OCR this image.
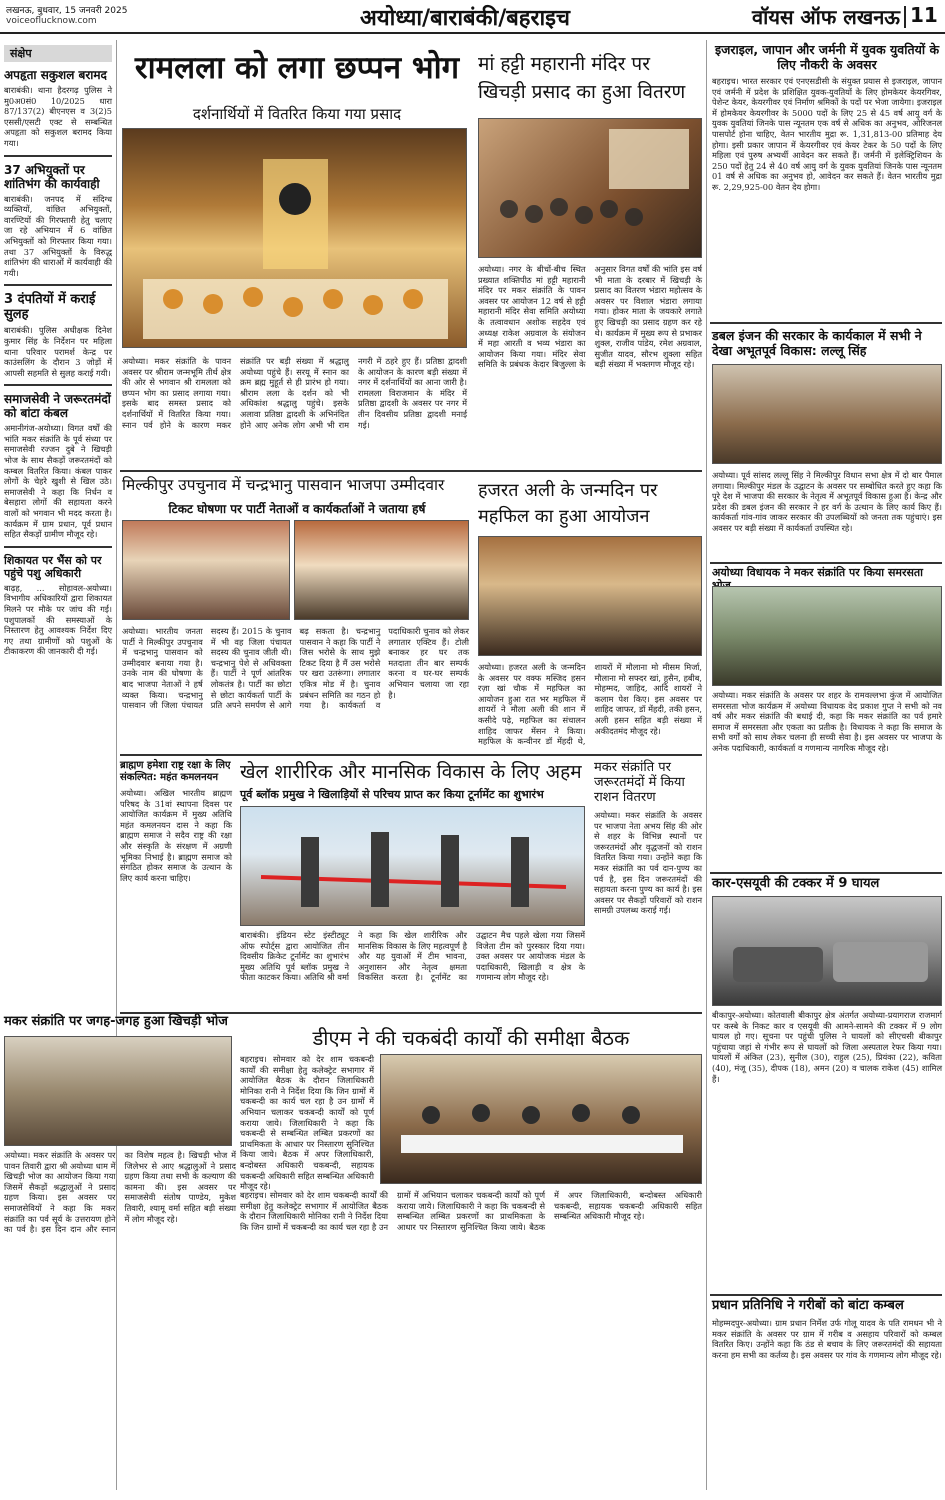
लखनऊ, बुधवार, 15 जनवरी 2025
voiceoflucknow.com	अयोध्या/बाराबंकी/बहराइच	वॉयस ऑफ लखनऊ 11
संक्षेप
अपहृता सकुशल बरामद
बाराबंकी। थाना हैदरगढ़ पुलिस ने मु0अ0सं0 10/2025 धारा 87/137(2) बीएनएस व 3(2)5 एससी/एसटी एक्ट से सम्बन्धित अपहृता को सकुशल बरामद किया गया।
37 अभियुक्तों पर शांतिभंग की कार्यवाही
बाराबंकी। जनपद में संदिग्ध व्यक्तियों, वांछित अभियुक्तों, वारण्टियों की गिरफ्तारी हेतु चलाए जा रहे अभियान में 6 वांछित अभियुक्तों को गिरफ्तार किया गया। तथा 37 अभियुक्तों के विरुद्ध शांतिभंग की धाराओं में कार्यवाही की गयी।
3 दंपतियों में कराई सुलह
बाराबंकी। पुलिस अधीक्षक दिनेश कुमार सिंह के निर्देशन पर महिला थाना परिवार परामर्श केन्द्र पर काउंसलिंग के दौरान 3 जोड़ों में आपसी सहमति से सुलह कराई गयी।
समाजसेवी ने जरूरतमंदों को बांटा कंबल
अमानीगंज-अयोध्या। विगत वर्षों की भांति मकर संक्रांति के पूर्व संध्या पर समाजसेवी रज्जन दुबे ने खिचड़ी भोज के साथ सैकड़ों जरूरतमंदों को कम्बल वितरित किया। कंबल पाकर लोगों के चेहरे खुशी से खिल उठे। समाजसेवी ने कहा कि निर्धन व बेसहारा लोगों की सहायता करने वालों को भगवान भी मदद करता है। कार्यक्रम में ग्राम प्रधान, पूर्व प्रधान सहित सैकड़ों ग्रामीण मौजूद रहे।
शिकायत पर भैंस को पर पहुंचे पशु अधिकारी
बाढ़ह, ... सोहावल-अयोध्या। विभागीय अधिकारियों द्वारा शिकायत मिलने पर मौके पर जांच की गई। पशुपालकों की समस्याओं के निस्तारण हेतु आवश्यक निर्देश दिए गए तथा ग्रामीणों को पशुओं के टीकाकरण की जानकारी दी गई।
रामलला को लगा छप्पन भोग
दर्शनार्थियों में वितरित किया गया प्रसाद
अयोध्या। मकर संक्रांति के पावन अवसर पर श्रीराम जन्मभूमि तीर्थ क्षेत्र की ओर से भगवान श्री रामलला को छप्पन भोग का प्रसाद लगाया गया। इसके बाद समस्त प्रसाद को दर्शनार्थियों में वितरित किया गया। स्नान पर्व होने के कारण मकर संक्रांति पर बड़ी संख्या में श्रद्धालु अयोध्या पहुंचे हैं। सरयू में स्नान का क्रम ब्रह्म मुहूर्त से ही प्रारंभ हो गया। श्रीराम लला के दर्शन को भी अधिकांश श्रद्धालु पहुंचे। इसके अलावा प्रतिष्ठा द्वादशी के अभिनंदित होने आए अनेक लोग अभी भी राम नगरी में ठहरे हुए हैं। प्रतिष्ठा द्वादशी के आयोजन के कारण बड़ी संख्या में नगर में दर्शनार्थियों का आना जारी है। रामलला विराजमान के मंदिर में प्रतिष्ठा द्वादशी के अवसर पर नगर में तीन दिवसीय प्रतिष्ठा द्वादशी मनाई गई।
मां हट्टी महारानी मंदिर पर खिचड़ी प्रसाद का हुआ वितरण
अयोध्या। नगर के बीचों-बीच स्थित प्रख्यात शक्तिपीठ मां हट्टी महारानी मंदिर पर मकर संक्रांति के पावन अवसर पर आयोजन 12 वर्ष से हट्टी महारानी मंदिर सेवा समिति अयोध्या के तत्वावधान अशोक सहदेव एवं अध्यक्ष राकेश अग्रवाल के संयोजन में महा आरती व भव्य भंडारा का आयोजन किया गया। मंदिर सेवा समिति के प्रबंधक केदार बिजुल्ला के अनुसार विगत वर्षों की भांति इस वर्ष भी माता के दरबार में खिचड़ी के प्रसाद का वितरण भंडारा महोत्सव के अवसर पर विशाल भंडारा लगाया गया। होकर माता के जयकारे लगाते हुए खिचड़ी का प्रसाद ग्रहण कर रहे थे। कार्यक्रम में मुख्य रूप से प्रभाकर शुक्ल, राजीव पांडेय, रमेश अग्रवाल, सुजीत यादव, सौरभ शुक्ला सहित बड़ी संख्या में भक्तगण मौजूद रहे।
मिल्कीपुर उपचुनाव में चन्द्रभानु पासवान भाजपा उम्मीदवार
टिकट घोषणा पर पार्टी नेताओं व कार्यकर्ताओं ने जताया हर्ष
अयोध्या। भारतीय जनता पार्टी ने मिल्कीपुर उपचुनाव में चन्द्रभानु पासवान को उम्मीदवार बनाया गया है। उनके नाम की घोषणा के बाद भाजपा नेताओं ने हर्ष व्यक्त किया। चन्द्रभानु पासवान जी जिला पंचायत सदस्य हैं। 2015 के चुनाव में भी वह जिला पंचायत सदस्य की चुनाव जीती थी। चन्द्रभानु पेशे से अधिवक्ता हैं। पार्टी ने पूर्ण आंतरिक लोकतंत्र है। पार्टी का छोटा से छोटा कार्यकर्ता पार्टी के प्रति अपने समर्पण से आगे बढ़ सकता है। चन्द्रभानु पासवान ने कहा कि पार्टी ने जिस भरोसे के साथ मुझे टिकट दिया है मैं उस भरोसे पर खरा उतरूंगा। लगातार एकित्र मोड में है। चुनाव प्रबंधन समिति का गठन हो गया है। कार्यकर्ता व पदाधिकारी चुनाव को लेकर लगातार एक्टिव हैं। टोली बनाकर हर घर तक मतदाता तीन बार सम्पर्क करना व घर-घर सम्पर्क अभियान चलाया जा रहा है।
हजरत अली के जन्मदिन पर महफिल का हुआ आयोजन
अयोध्या। हजरत अली के जन्मदिन के अवसर पर वक्फ मस्जिद हसन रज़ा खां चौक में महफिल का आयोजन हुआ रात भर महफिल में शायरों ने मौला अली की शान में कसीदे पढ़े, महफिल का संचालन शाहिद जाफर मेंसन ने किया। महफिल के कन्वीनर डॉ मेंहदी थे, शायरों में मौलाना मो मीसम मिर्जा, मौलाना मो सफ्दर खां, हुसैन, हबीब, मोहम्मद, जाहिद, आदि शायरों ने कलाम पेश किए। इस अवसर पर शाहिद जाफर, डॉ मेंहदी, तकी हसन, अली हसन सहित बड़ी संख्या में अकीदतमंद मौजूद रहे।
ब्राह्मण हमेशा राष्ट्र रक्षा के लिए संकल्पित: महंत कमलनयन
अयोध्या। अखिल भारतीय ब्राह्मण परिषद के 31वां स्थापना दिवस पर आयोजित कार्यक्रम में मुख्य अतिथि महंत कमलनयन दास ने कहा कि ब्राह्मण समाज ने सदैव राष्ट्र की रक्षा और संस्कृति के संरक्षण में अग्रणी भूमिका निभाई है। ब्राह्मण समाज को संगठित होकर समाज के उत्थान के लिए कार्य करना चाहिए।
खेल शारीरिक और मानसिक विकास के लिए अहम
पूर्व ब्लॉक प्रमुख ने खिलाड़ियों से परिचय प्राप्त कर किया टूर्नामेंट का शुभारंभ
बाराबंकी। इंडियन स्टेट इंस्टीट्यूट ऑफ स्पोर्ट्स द्वारा आयोजित तीन दिवसीय क्रिकेट टूर्नामेंट का शुभारंभ मुख्य अतिथि पूर्व ब्लॉक प्रमुख ने फीता काटकर किया। अतिथि श्री वर्मा ने कहा कि खेल शारीरिक और मानसिक विकास के लिए महत्वपूर्ण है और यह युवाओं में टीम भावना, अनुशासन और नेतृत्व क्षमता विकसित करता है। टूर्नामेंट का उद्घाटन मैच पहले खेला गया जिसमें विजेता टीम को पुरस्कार दिया गया। उक्त अवसर पर आयोजक मंडल के पदाधिकारी, खिलाड़ी व क्षेत्र के गणमान्य लोग मौजूद रहे।
मकर संक्रांति पर जरूरतमंदों में किया राशन वितरण
अयोध्या। मकर संक्रांति के अवसर पर भाजपा नेता अभय सिंह की ओर से शहर के विभिन्न स्थानों पर जरूरतमंदों और वृद्धजनों को राशन वितरित किया गया। उन्होंने कहा कि मकर संक्रांति का पर्व दान-पुण्य का पर्व है, इस दिन जरूरतमंदों की सहायता करना पुण्य का कार्य है। इस अवसर पर सैकड़ों परिवारों को राशन सामग्री उपलब्ध कराई गई।
मकर संक्रांति पर जगह-जगह हुआ खिचड़ी भोज
अयोध्या। मकर संक्रांति के अवसर पर पावन तिवारी द्वारा श्री अयोध्या धाम में खिचड़ी भोज का आयोजन किया गया जिसमें सैकड़ों श्रद्धालुओं ने प्रसाद ग्रहण किया। इस अवसर पर समाजसेवियों ने कहा कि मकर संक्रांति का पर्व सूर्य के उत्तरायण होने का पर्व है। इस दिन दान और स्नान का विशेष महत्व है। खिचड़ी भोज में जिलेभर से आए श्रद्धालुओं ने प्रसाद ग्रहण किया तथा सभी के कल्याण की कामना की। इस अवसर पर समाजसेवी संतोष पाण्डेय, मुकेश तिवारी, श्यामू वर्मा सहित बड़ी संख्या में लोग मौजूद रहे।
डीएम ने की चकबंदी कार्यों की समीक्षा बैठक
बहराइच। सोमवार को देर शाम चकबन्दी कार्यों की समीक्षा हेतु कलेक्ट्रेट सभागार में आयोजित बैठक के दौरान जिलाधिकारी मोनिका रानी ने निर्देश दिया कि जिन ग्रामों में चकबन्दी का कार्य चल रहा है उन ग्रामों में अभियान चलाकर चकबन्दी कार्यों को पूर्ण कराया जाये। जिलाधिकारी ने कहा कि चकबन्दी से सम्बन्धित लम्बित प्रकरणों का प्राथमिकता के आधार पर निस्तारण सुनिश्चित किया जाये। बैठक में अपर जिलाधिकारी, बन्दोबस्त अधिकारी चकबन्दी, सहायक चकबन्दी अधिकारी सहित सम्बन्धित अधिकारी मौजूद रहे।
बहराइच। सोमवार को देर शाम चकबन्दी कार्यों की समीक्षा हेतु कलेक्ट्रेट सभागार में आयोजित बैठक के दौरान जिलाधिकारी मोनिका रानी ने निर्देश दिया कि जिन ग्रामों में चकबन्दी का कार्य चल रहा है उन ग्रामों में अभियान चलाकर चकबन्दी कार्यों को पूर्ण कराया जाये। जिलाधिकारी ने कहा कि चकबन्दी से सम्बन्धित लम्बित प्रकरणों का प्राथमिकता के आधार पर निस्तारण सुनिश्चित किया जाये। बैठक में अपर जिलाधिकारी, बन्दोबस्त अधिकारी चकबन्दी, सहायक चकबन्दी अधिकारी सहित सम्बन्धित अधिकारी मौजूद रहे।
इजराइल, जापान और जर्मनी में युवक युवतियों के लिए नौकरी के अवसर
बहराइच। भारत सरकार एवं एनएसडीसी के संयुक्त प्रयास से इजराइल, जापान एवं जर्मनी में प्रदेश के प्रशिक्षित युवक-युवतियों के लिए होमकेयर केयरगिवर, पेशेन्ट केयर, केयरगीवर एवं निर्माण श्रमिकों के पदों पर भेजा जायेगा। इजराइल में होमकेयर केयरगीवर के 5000 पदों के लिए 25 से 45 वर्ष आयु वर्ग के युवक युवतियां जिनके पास न्यूनतम एक वर्ष से अधिक का अनुभव, ओरिजनल पासपोर्ट होना चाहिए, वेतन भारतीय मुद्रा रू. 1,31,813-00 प्रतिमाह देय होगा। इसी प्रकार जापान में केयरगीवर एवं केयर टेकर के 50 पदों के लिए महिला एवं पुरुष अभ्यर्थी आवेदन कर सकते हैं। जर्मनी में इलेक्ट्रिशियन के 250 पदों हेतु 24 से 40 वर्ष आयु वर्ग के युवक युवतियां जिनके पास न्यूनतम 01 वर्ष से अधिक का अनुभव हो, आवेदन कर सकते हैं। वेतन भारतीय मुद्रा रू. 2,29,925-00 वेतन देय होगा।
डबल इंजन की सरकार के कार्यकाल में सभी ने देखा अभूतपूर्व विकास: लल्लू सिंह
अयोध्या। पूर्व सांसद लल्लू सिंह ने मिल्कीपुर विधान सभा क्षेत्र में दो बार पैमाल लगाया। मिल्कीपुर मंडल के उद्घाटन के अवसर पर सम्बोधित करते हुए कहा कि पूरे देश में भाजपा की सरकार के नेतृत्व में अभूतपूर्व विकास हुआ है। केन्द्र और प्रदेश की डबल इंजन की सरकार ने हर वर्ग के उत्थान के लिए कार्य किए हैं। कार्यकर्ता गांव-गांव जाकर सरकार की उपलब्धियों को जनता तक पहुंचाएं। इस अवसर पर बड़ी संख्या में कार्यकर्ता उपस्थित रहे।
अयोध्या विधायक ने मकर संक्रांति पर किया समरसता
अयोध्या। मकर संक्रांति के अवसर पर शहर के रामवल्लभा कुंज में आयोजित समरसता भोज कार्यक्रम में अयोध्या विधायक वेद प्रकाश गुप्त ने सभी को नव वर्ष और मकर संक्रांति की बधाई दी, कहा कि मकर संक्रांति का पर्व हमारे समाज में समरसता और एकता का प्रतीक है। विधायक ने कहा कि समाज के सभी वर्गों को साथ लेकर चलना ही सच्ची सेवा है। इस अवसर पर भाजपा के अनेक पदाधिकारी, कार्यकर्ता व गणमान्य नागरिक मौजूद रहे।
कार-एसयूवी की टक्कर में 9 घायल
बीकापुर-अयोध्या। कोतवाली बीकापुर क्षेत्र अंतर्गत अयोध्या-प्रयागराज राजमार्ग पर कस्बे के निकट कार व एसयूवी की आमने-सामने की टक्कर में 9 लोग घायल हो गए। सूचना पर पहुंची पुलिस ने घायलों को सीएचसी बीकापुर पहुंचाया जहां से गंभीर रूप से घायलों को जिला अस्पताल रेफर किया गया। घायलों में अंकित (23), सुनील (30), राहुल (25), प्रियंका (22), कविता (40), मंजू (35), दीपक (18), अमन (20) व चालक राकेश (45) शामिल हैं।
प्रधान प्रतिनिधि ने गरीबों को बांटा कम्बल
मोहम्मदपुर-अयोध्या। ग्राम प्रधान निर्मेश उर्फ गोलू यादव के पति रामधन भी ने मकर संक्रांति के अवसर पर ग्राम में गरीब व असहाय परिवारों को कम्बल वितरित किए। उन्होंने कहा कि ठंड से बचाव के लिए जरूरतमंदों की सहायता करना हम सभी का कर्तव्य है। इस अवसर पर गांव के गणमान्य लोग मौजूद रहे।
